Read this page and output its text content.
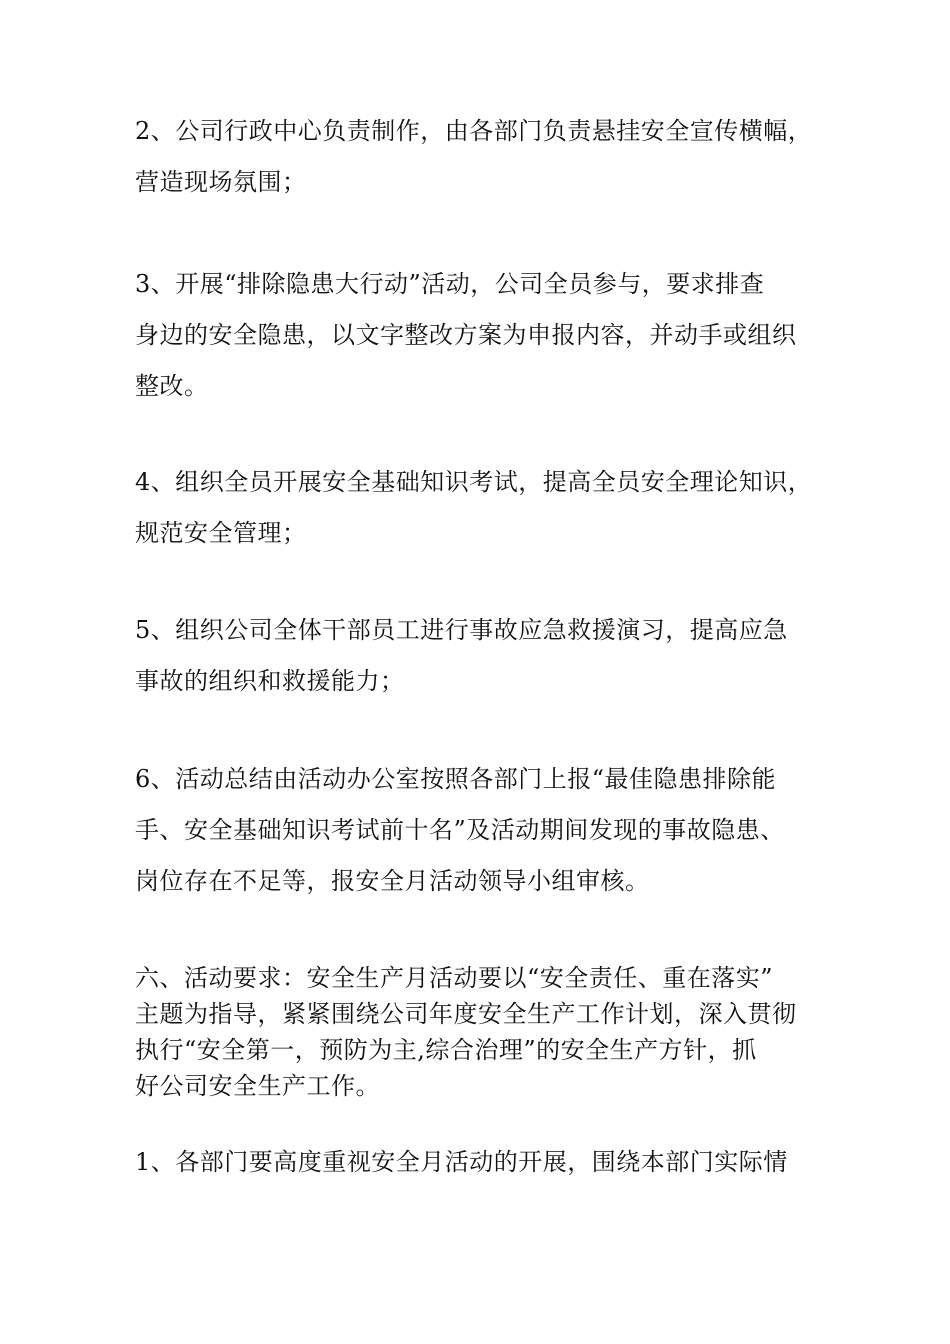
2、公司行政中心负责制作，由各部门负责悬挂安全宣传横幅，
营造现场氛围；

3、开展“排除隐患大行动”活动，公司全员参与，要求排查
身边的安全隐患，以文字整改方案为申报内容，并动手或组织
整改。

4、组织全员开展安全基础知识考试，提高全员安全理论知识，
规范安全管理；

5、组织公司全体干部员工进行事故应急救援演习，提高应急
事故的组织和救援能力；

6、活动总结由活动办公室按照各部门上报“最佳隐患排除能
手、安全基础知识考试前十名”及活动期间发现的事故隐患、
岗位存在不足等，报安全月活动领导小组审核。

六、活动要求：安全生产月活动要以“安全责任、重在落实”
主题为指导，紧紧围绕公司年度安全生产工作计划，深入贯彻
执行“安全第一，预防为主,综合治理”的安全生产方针，抓
好公司安全生产工作。

1、各部门要高度重视安全月活动的开展，围绕本部门实际情
